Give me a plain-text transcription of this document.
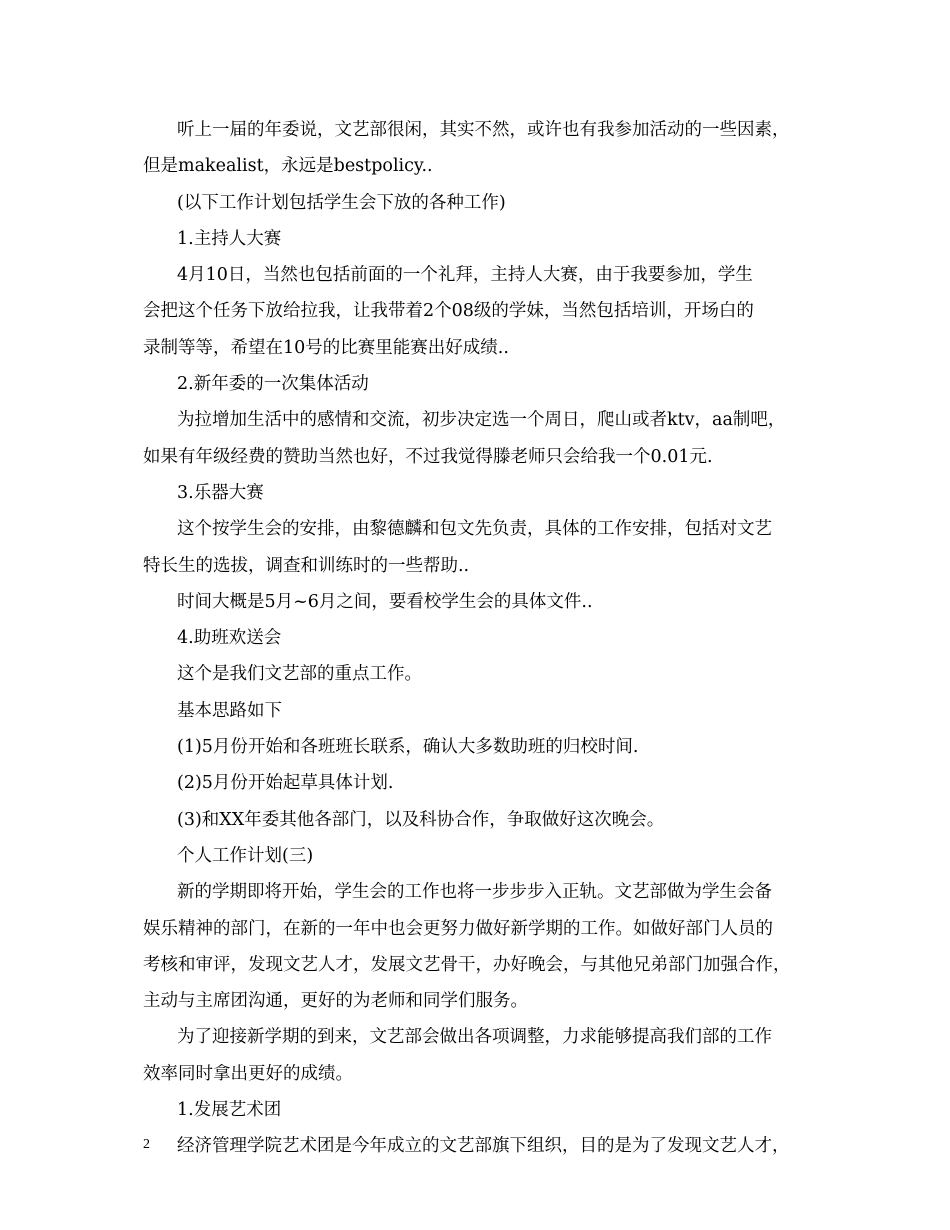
听上一届的年委说，文艺部很闲，其实不然，或许也有我参加活动的一些因素，
但是makealist，永远是bestpolicy..
(以下工作计划包括学生会下放的各种工作)
1.主持人大赛
4月10日，当然也包括前面的一个礼拜，主持人大赛，由于我要参加，学生
会把这个任务下放给拉我，让我带着2个08级的学妹，当然包括培训，开场白的
录制等等，希望在10号的比赛里能赛出好成绩..
2.新年委的一次集体活动
为拉增加生活中的感情和交流，初步决定选一个周日，爬山或者ktv，aa制吧，
如果有年级经费的赞助当然也好，不过我觉得滕老师只会给我一个0.01元.
3.乐器大赛
这个按学生会的安排，由黎德麟和包文先负责，具体的工作安排，包括对文艺
特长生的选拔，调查和训练时的一些帮助..
时间大概是5月~6月之间，要看校学生会的具体文件..
4.助班欢送会
这个是我们文艺部的重点工作。
基本思路如下
(1)5月份开始和各班班长联系，确认大多数助班的归校时间.
(2)5月份开始起草具体计划.
(3)和XX年委其他各部门，以及科协合作，争取做好这次晚会。
个人工作计划(三)
新的学期即将开始，学生会的工作也将一步步步入正轨。文艺部做为学生会备
娱乐精神的部门，在新的一年中也会更努力做好新学期的工作。如做好部门人员的
考核和审评，发现文艺人才，发展文艺骨干，办好晚会，与其他兄弟部门加强合作，
主动与主席团沟通，更好的为老师和同学们服务。
为了迎接新学期的到来，文艺部会做出各项调整，力求能够提高我们部的工作
效率同时拿出更好的成绩。
1.发展艺术团
经济管理学院艺术团是今年成立的文艺部旗下组织，目的是为了发现文艺人才，
2
